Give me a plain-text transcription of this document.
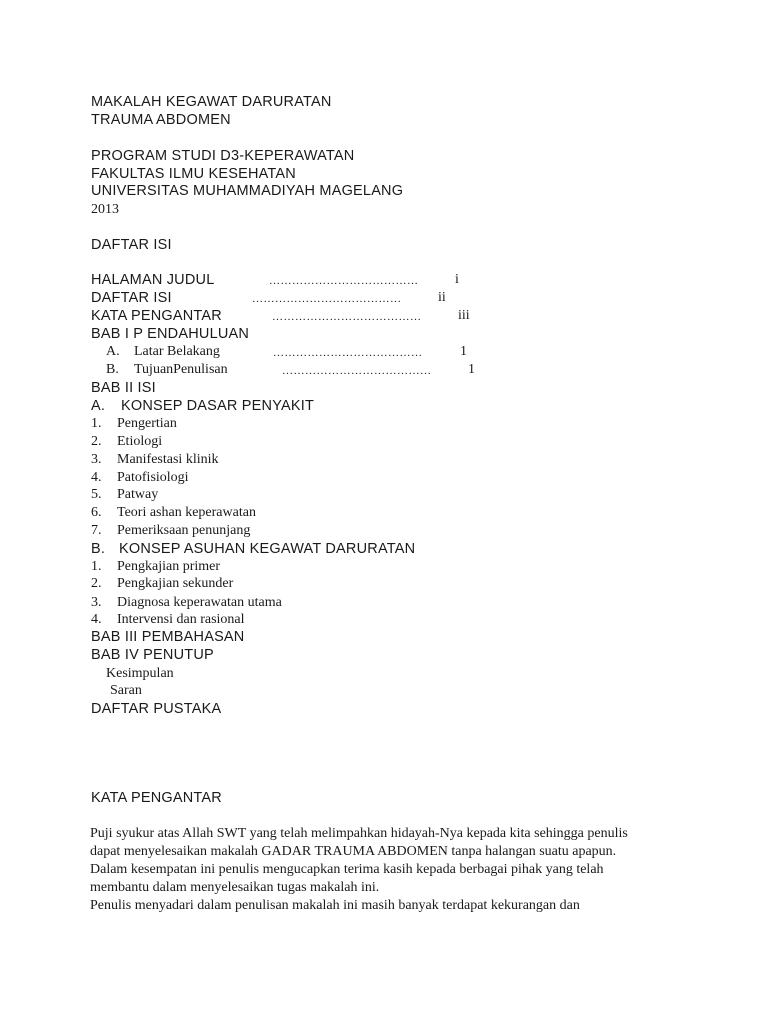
MAKALAH KEGAWAT DARURATAN
TRAUMA ABDOMEN
PROGRAM STUDI D3-KEPERAWATAN
FAKULTAS ILMU KESEHATAN
UNIVERSITAS MUHAMMADIYAH MAGELANG
2013
DAFTAR ISI
HALAMAN JUDUL	…………………………………	i
DAFTAR ISI	…………………………………	ii
KATA PENGANTAR	…………………………………	iii
BAB I P ENDAHULUAN
A. Latar Belakang	…………………………………	1
B. TujuanPenulisan	…………………………………	1
BAB II ISI
A. KONSEP DASAR PENYAKIT
1. Pengertian
2. Etiologi
3. Manifestasi klinik
4. Patofisiologi
5. Patway
6. Teori ashan keperawatan
7. Pemeriksaan penunjang
B. KONSEP ASUHAN KEGAWAT DARURATAN
1. Pengkajian primer
2. Pengkajian sekunder
3. Diagnosa keperawatan utama
4. Intervensi dan rasional
BAB III PEMBAHASAN
BAB IV PENUTUP
Kesimpulan
Saran
DAFTAR PUSTAKA
KATA PENGANTAR
Puji syukur atas Allah SWT yang telah melimpahkan hidayah-Nya kepada kita sehingga penulis
dapat menyelesaikan makalah GADAR TRAUMA ABDOMEN tanpa halangan suatu apapun.
Dalam kesempatan ini penulis mengucapkan terima kasih kepada berbagai pihak yang telah
membantu dalam menyelesaikan tugas makalah ini.
Penulis menyadari dalam penulisan makalah ini masih banyak terdapat kekurangan dan
